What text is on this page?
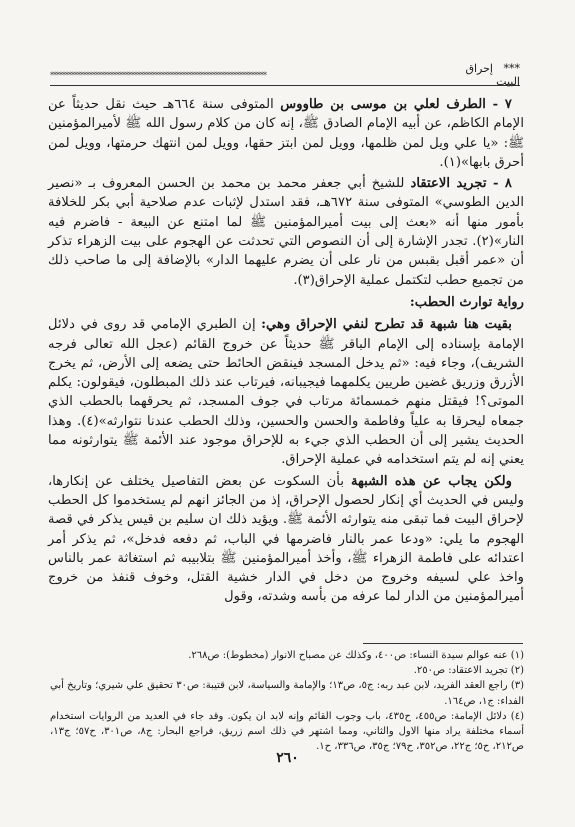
***   إحراق البيت
************************************************************************

٧ - الطرف لعلي بن موسى بن طاووس المتوفى سنة ٦٦٤هـ حيث نقل حديثاً عن الإمام الكاظم، عن أبيه الإمام الصادق ﷺ، إنه كان من كلام رسول الله ﷺ لأميرالمؤمنين ﷺ: «يا علي ويل لمن ظلمها، وويل لمن ابتز حقها، وويل لمن انتهك حرمتها، وويل لمن أحرق بابها»(١).

٨ - تجريد الاعتقاد للشيخ أبي جعفر محمد بن محمد بن الحسن المعروف بـ «نصير الدين الطوسي» المتوفى سنة ٦٧٢هـ، فقد استدل لإثبات عدم صلاحية أبي بكر للخلافة بأمور منها أنه «بعث إلى بيت أميرالمؤمنين ﷺ لما امتنع عن البيعة - فاضرم فيه النار»(٢). تجدر الإشارة إلى أن النصوص التي تحدثت عن الهجوم على بيت الزهراء تذكر أن «عمر أقبل بقبس من نار على أن يضرم عليهما الدار» بالإضافة إلى ما صاحب ذلك من تجميع حطب لتكتمل عملية الإحراق(٣).

رواية توارث الحطب:

بقيت هنا شبهة قد تطرح لنفي الإحراق وهي: إن الطبري الإمامي قد روى في دلائل الإمامة بإسناده إلى الإمام الباقر ﷺ حديثاً عن خروج القائم (عجل الله تعالى فرجه الشريف)، وجاء فيه: «ثم يدخل المسجد فينقض الحائط حتى يضعه إلى الأرض، ثم يخرج الأزرق وزريق غضين طريين يكلمهما فيجيبانه، فيرتاب عند ذلك المبطلون، فيقولون: يكلم الموتى؟! فيقتل منهم خمسمائة مرتاب في جوف المسجد، ثم يحرقهما بالحطب الذي جمعاه ليحرقا به علياً وفاطمة والحسن والحسين، وذلك الحطب عندنا نتوارثه»(٤). وهذا الحديث يشير إلى أن الحطب الذي جيء به للإحراق موجود عند الأئمة ﷺ يتوارثونه مما يعني إنه لم يتم استخدامه في عملية الإحراق.

ولكن يجاب عن هذه الشبهة بأن السكوت عن بعض التفاصيل يختلف عن إنكارها، وليس في الحديث أي إنكار لحصول الإحراق، إذ من الجائز انهم لم يستخدموا كل الحطب لإحراق البيت فما تبقى منه يتوارثه الأئمة ﷺ. ويؤيد ذلك ان سليم بن قيس يذكر في قصة الهجوم ما يلي: «ودعا عمر بالنار فاضرمها في الباب، ثم دفعه فدخل»، ثم يذكر أمر اعتدائه على فاطمة الزهراء ﷺ، وأخذ أميرالمؤمنين ﷺ بتلابيبه ثم استغاثة عمر بالناس واخذ علي لسيفه وخروج من دخل في الدار خشية القتل، وخوف قنفذ من خروج أميرالمؤمنين من الدار لما عرفه من بأسه وشدته، وقول

(١) عنه عوالم سيدة النساء: ص٤٠٠، وكذلك عن مصباح الانوار (مخطوط): ص٢٦٨.
(٢) تجريد الاعتقاد: ص٢٥٠.
(٣) راجع العقد الفريد، لابن عبد ربه: ج٥، ص١٣؛ والإمامة والسياسة، لابن قتيبة: ص٣٠ تحقيق علي شيري؛ وتاريخ أبي الفداء: ج١، ص١٦٤.
(٤) دلائل الإمامة: ص٤٥٥، ح٤٣٥، باب وجوب القائم وإنه لابد ان يكون. وقد جاء في العديد من الروايات استخدام أسماء مختلفة يراد منها الاول والثاني، ومما اشتهر في ذلك اسم زريق، فراجع البحار: ج٨، ص٣٠١، ح٥٧؛ ج١٣، ص٢١٢، ح٥؛ ج٢٢، ص٣٥٢، ح٧٩؛ ج٣٥، ص٣٣٦، ح١.
٢٦٠
